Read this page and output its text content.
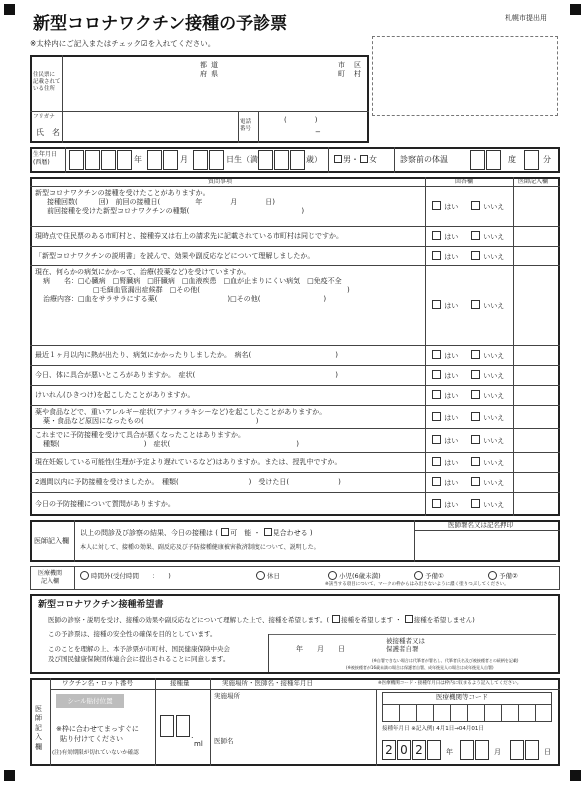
札幌市提出用
新型コロナワクチン接種の予診票
※太枠内にご記入またはチェック☑を入れてください。
住民票に
記載されて
いる住所
都 道
府 県
市 区
町 村
フリガナ
氏　名
電話
番号
(　　　　)
−
生年月日
(西暦)	年	月	日生（満	歳）	男・ 女	診察前の体温	度	分
質問事項	回答欄	医師記入欄
新型コロナワクチンの接種を受けたことがありますか。
接種回数(　　　回)　前回の接種日(　　　　　年　　　　月　　　　日)
前回接種を受けた新型コロナワクチンの種類(　　　　　　　　　　　　　　　　)	はい	いいえ
現時点で住民票のある市町村と、接種券又は右上の請求先に記載されている市町村は同じですか。	はい	いいえ
「新型コロナワクチンの説明書」を読んで、効果や副反応などについて理解しましたか。	はい	いいえ
現在、何らかの病気にかかって、治療(投薬など)を受けていますか。
病　　名：□心臓病　□腎臓病　□肝臓病　□血液疾患　□血が止まりにくい病気　□免疫不全
□毛細血管漏出症候群　□その他(　　　　　　　　　　　　　　　　　　　　　)
治療内容：□血をサラサラにする薬(　　　　　　　　　　)□その他(　　　　　　　　　)
はい	いいえ
最近１ヶ月以内に熱が出たり、病気にかかったりしましたか。　病名(　　　　　　　　　　　　)	はい	いいえ
今日、体に具合が悪いところがありますか。　症状(　　　　　　　　　　　　　　　　　　　　)	はい	いいえ
けいれん(ひきつけ)を起こしたことがありますか。	はい	いいえ
薬や食品などで、重いアレルギー症状(アナフィラキシーなど)を起こしたことがありますか。
薬・食品など原因になったもの(　　　　　　　　　　　　　　　　)	はい	いいえ
これまでに予防接種を受けて具合が悪くなったことはありますか。
種類(　　　　　　　　　　　　)　症状(　　　　　　　　　　　　　　　　　　)	はい	いいえ
現在妊娠している可能性(生理が予定より遅れているなど)はありますか。または、授乳中ですか。	はい	いいえ
2週間以内に予防接種を受けましたか。　種類(　　　　　　　　　　)　受けた日(　　　　　　　)	はい	いいえ
今日の予防接種について質問がありますか。	はい	いいえ
医師記入欄
以上の問診及び診察の結果、今日の接種は ( 可　能 ・ 見合わせる )
本人に対して、接種の効果、副反応及び予防接種健康被害救済制度について、説明した。
医師署名又は記名押印
医療機関
記入欄
時間外(受付時間　　：　　)	休日	小児(6歳未満)	予備①	予備②
※該当する項目について、マークの枠からはみ出さないように濃く塗りつぶしてください。
新型コロナワクチン接種希望書
医師の診察・説明を受け、接種の効果や副反応などについて理解した上で、接種を希望します。( 接種を希望します ・ 接種を希望しません)
この予診票は、接種の安全性の確保を目的としています。
このことを理解の上、本予診票が市町村、国民健康保険中央会
及び国民健康保険団体連合会に提出されることに同意します。
年　　月　　日
被接種者又は
保護者自署
(※自署できない場合は代筆者が署名し、代筆者氏名及び被接種者との続柄を記載)
(※被接種者が16歳未満の場合は保護者自署、成年後見人の場合は成年後見人自署)
医師記入欄
ワクチン名・ロット番号	接種量	実施場所・医師名・接種年月日	※医療機関コード・接種年月日は枠内に収まるよう記入してください。
シール貼付位置
※枠に合わせてまっすぐに
貼り付けてください
(注)有効期限が切れていないか確認
.
ml
実施場所
医師名
医療機関等コード
接種年月日 ※記入例) 4月1日→04月01日
2 0 2	年	月	日
